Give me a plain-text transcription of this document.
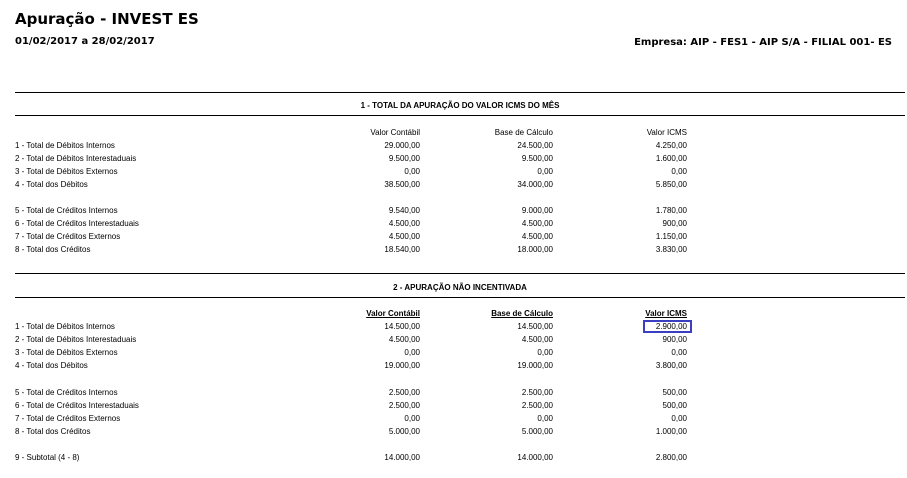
Apuração - INVEST ES
01/02/2017 a 28/02/2017	Empresa: AIP - FES1 - AIP S/A - FILIAL 001- ES
1 - TOTAL DA APURAÇÃO DO VALOR ICMS DO MÊS
Valor Contábil	Base de Cálculo	Valor ICMS
1 - Total de Débitos Internos	29.000,00	24.500,00	4.250,00
2 - Total de Débitos Interestaduais	9.500,00	9.500,00	1.600,00
3 - Total de Débitos Externos	0,00	0,00	0,00
4 - Total dos Débitos	38.500,00	34.000,00	5.850,00
5 - Total de Créditos Internos	9.540,00	9.000,00	1.780,00
6 - Total de Créditos Interestaduais	4.500,00	4.500,00	900,00
7 - Total de Créditos Externos	4.500,00	4.500,00	1.150,00
8 - Total dos Créditos	18.540,00	18.000,00	3.830,00
2 - APURAÇÃO NÃO INCENTIVADA
Valor Contábil	Base de Cálculo	Valor ICMS
1 - Total de Débitos Internos	14.500,00	14.500,00	2.900,00
2 - Total de Débitos Interestaduais	4.500,00	4.500,00	900,00
3 - Total de Débitos Externos	0,00	0,00	0,00
4 - Total dos Débitos	19.000,00	19.000,00	3.800,00
5 - Total de Créditos Internos	2.500,00	2.500,00	500,00
6 - Total de Créditos Interestaduais	2.500,00	2.500,00	500,00
7 - Total de Créditos Externos	0,00	0,00	0,00
8 - Total dos Créditos	5.000,00	5.000,00	1.000,00
9 - Subtotal (4 - 8)	14.000,00	14.000,00	2.800,00
